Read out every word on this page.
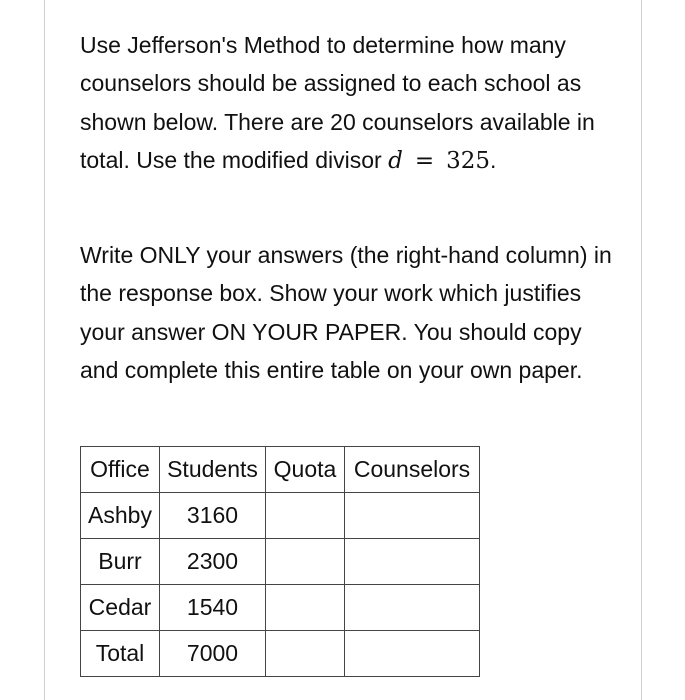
Use Jefferson's Method to determine how many counselors should be assigned to each school as shown below. There are 20 counselors available in total. Use the modified divisor d = 325.

Write ONLY your answers (the right-hand column) in the response box. Show your work which justifies your answer ON YOUR PAPER. You should copy and complete this entire table on your own paper.

Office	Students	Quota	Counselors
Ashby	3160		
Burr	2300		
Cedar	1540		
Total	7000		
